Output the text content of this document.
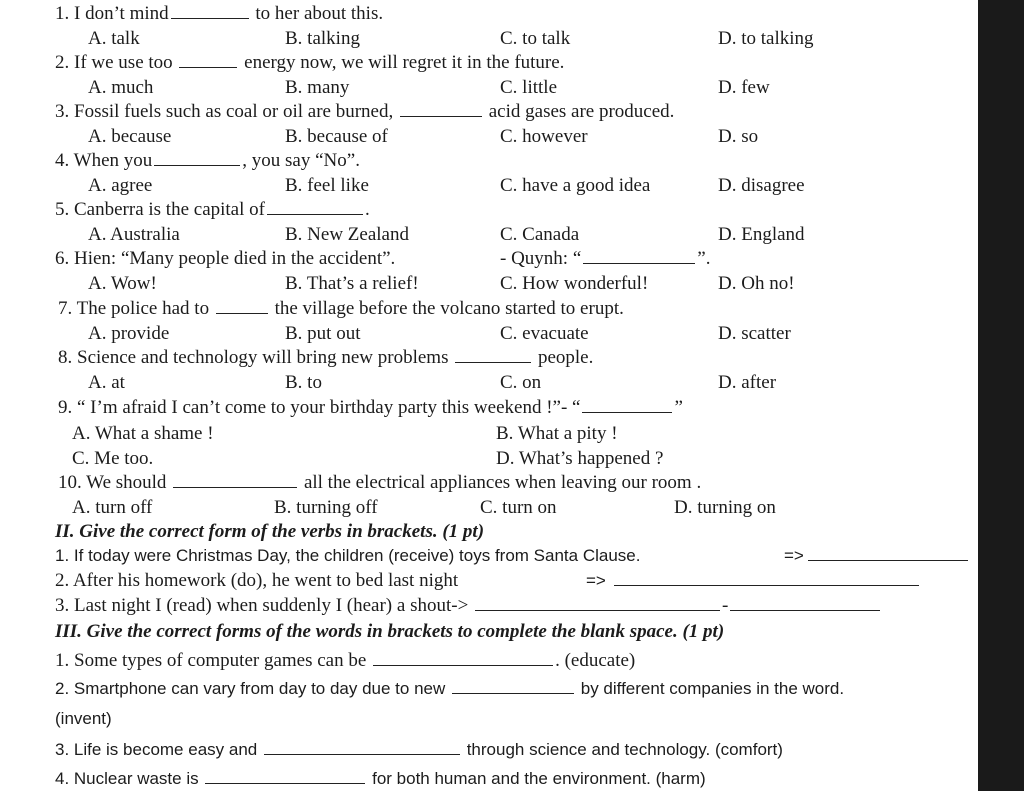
1. I don’t mind	to her about this.
A. talk	B. talking	C. to talk	D. to talking
2. If we use too	energy now, we will regret it in the future.
A. much	B. many	C. little	D. few
3. Fossil fuels such as coal or oil are burned,	acid gases are produced.
A. because	B. because of	C. however	D. so
4. When you	, you say “No”.
A. agree	B. feel like	C. have a good idea	D. disagree
5. Canberra is the capital of	.
A. Australia	B. New Zealand	C. Canada	D. England
6. Hien: “Many people died in the accident”.	- Quynh: “	”.
A. Wow!	B. That’s a relief!	C. How wonderful!	D. Oh no!
7. The police had to	the village before the volcano started to erupt.
A. provide	B. put out	C. evacuate	D. scatter
8. Science and technology will bring new problems	people.
A. at	B. to	C. on	D. after
9. “ I’m afraid I can’t come to your birthday party this weekend !”- “	”
A. What a shame !	B. What a pity !
C. Me too.	D. What’s happened ?
10. We should	all the electrical appliances when leaving our room .
A. turn off	B. turning off	C. turn on	D. turning on
II. Give the correct form of the verbs in brackets. (1 pt)
1. If today were Christmas Day, the children (receive) toys from Santa Clause.	=>
2. After his homework (do), he went to bed last night	=>
3. Last night I (read) when suddenly I (hear) a shout->	-
III. Give the correct forms of the words in brackets to complete the blank space. (1 pt)
1. Some types of computer games can be	. (educate)
2. Smartphone can vary from day to day due to new	by different companies in the word.
(invent)
3. Life is become easy and	through science and technology. (comfort)
4. Nuclear waste is	for both human and the environment. (harm)
